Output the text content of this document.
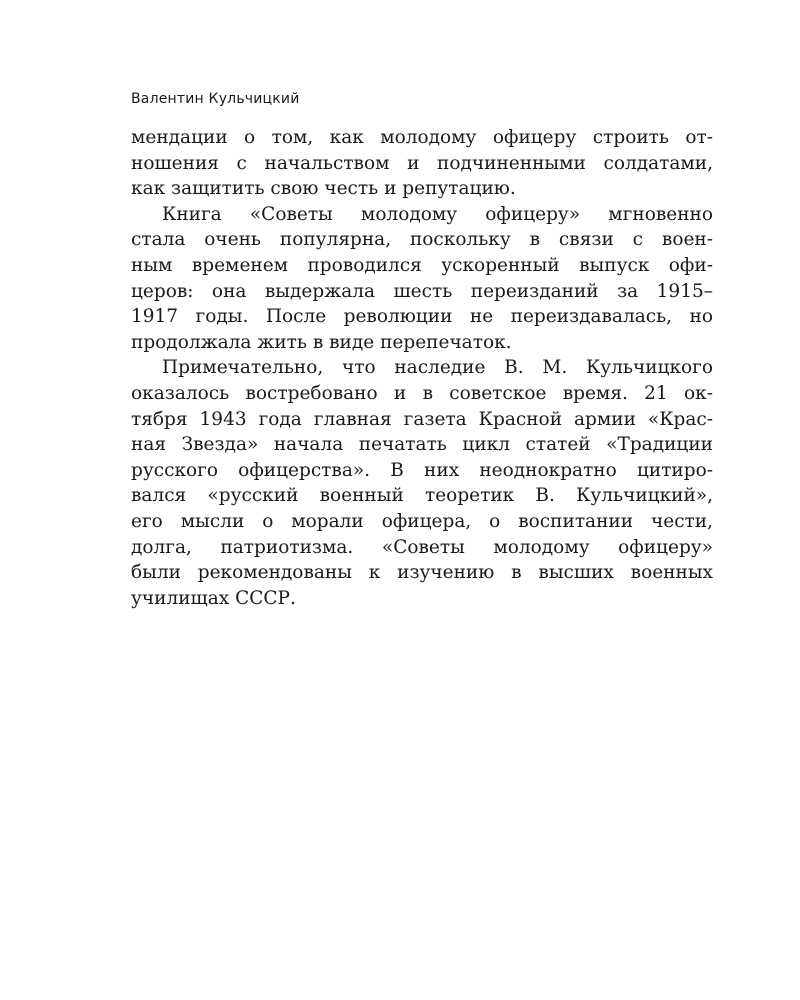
Валентин Кульчицкий
мендации о том, как молодому офицеру строить от-
ношения с начальством и подчиненными солдатами,
как защитить свою честь и репутацию.
Книга «Советы молодому офицеру» мгновенно
стала очень популярна, поскольку в связи с воен-
ным временем проводился ускоренный выпуск офи-
церов: она выдержала шесть переизданий за 1915–
1917 годы. После революции не переиздавалась, но
продолжала жить в виде перепечаток.
Примечательно, что наследие В. М. Кульчицкого
оказалось востребовано и в советское время. 21 ок-
тября 1943 года главная газета Красной армии «Крас-
ная Звезда» начала печатать цикл статей «Традиции
русского офицерства». В них неоднократно цитиро-
вался «русский военный теоретик В. Кульчицкий»,
его мысли о морали офицера, о воспитании чести,
долга, патриотизма. «Советы молодому офицеру»
были рекомендованы к изучению в высших военных
училищах СССР.
